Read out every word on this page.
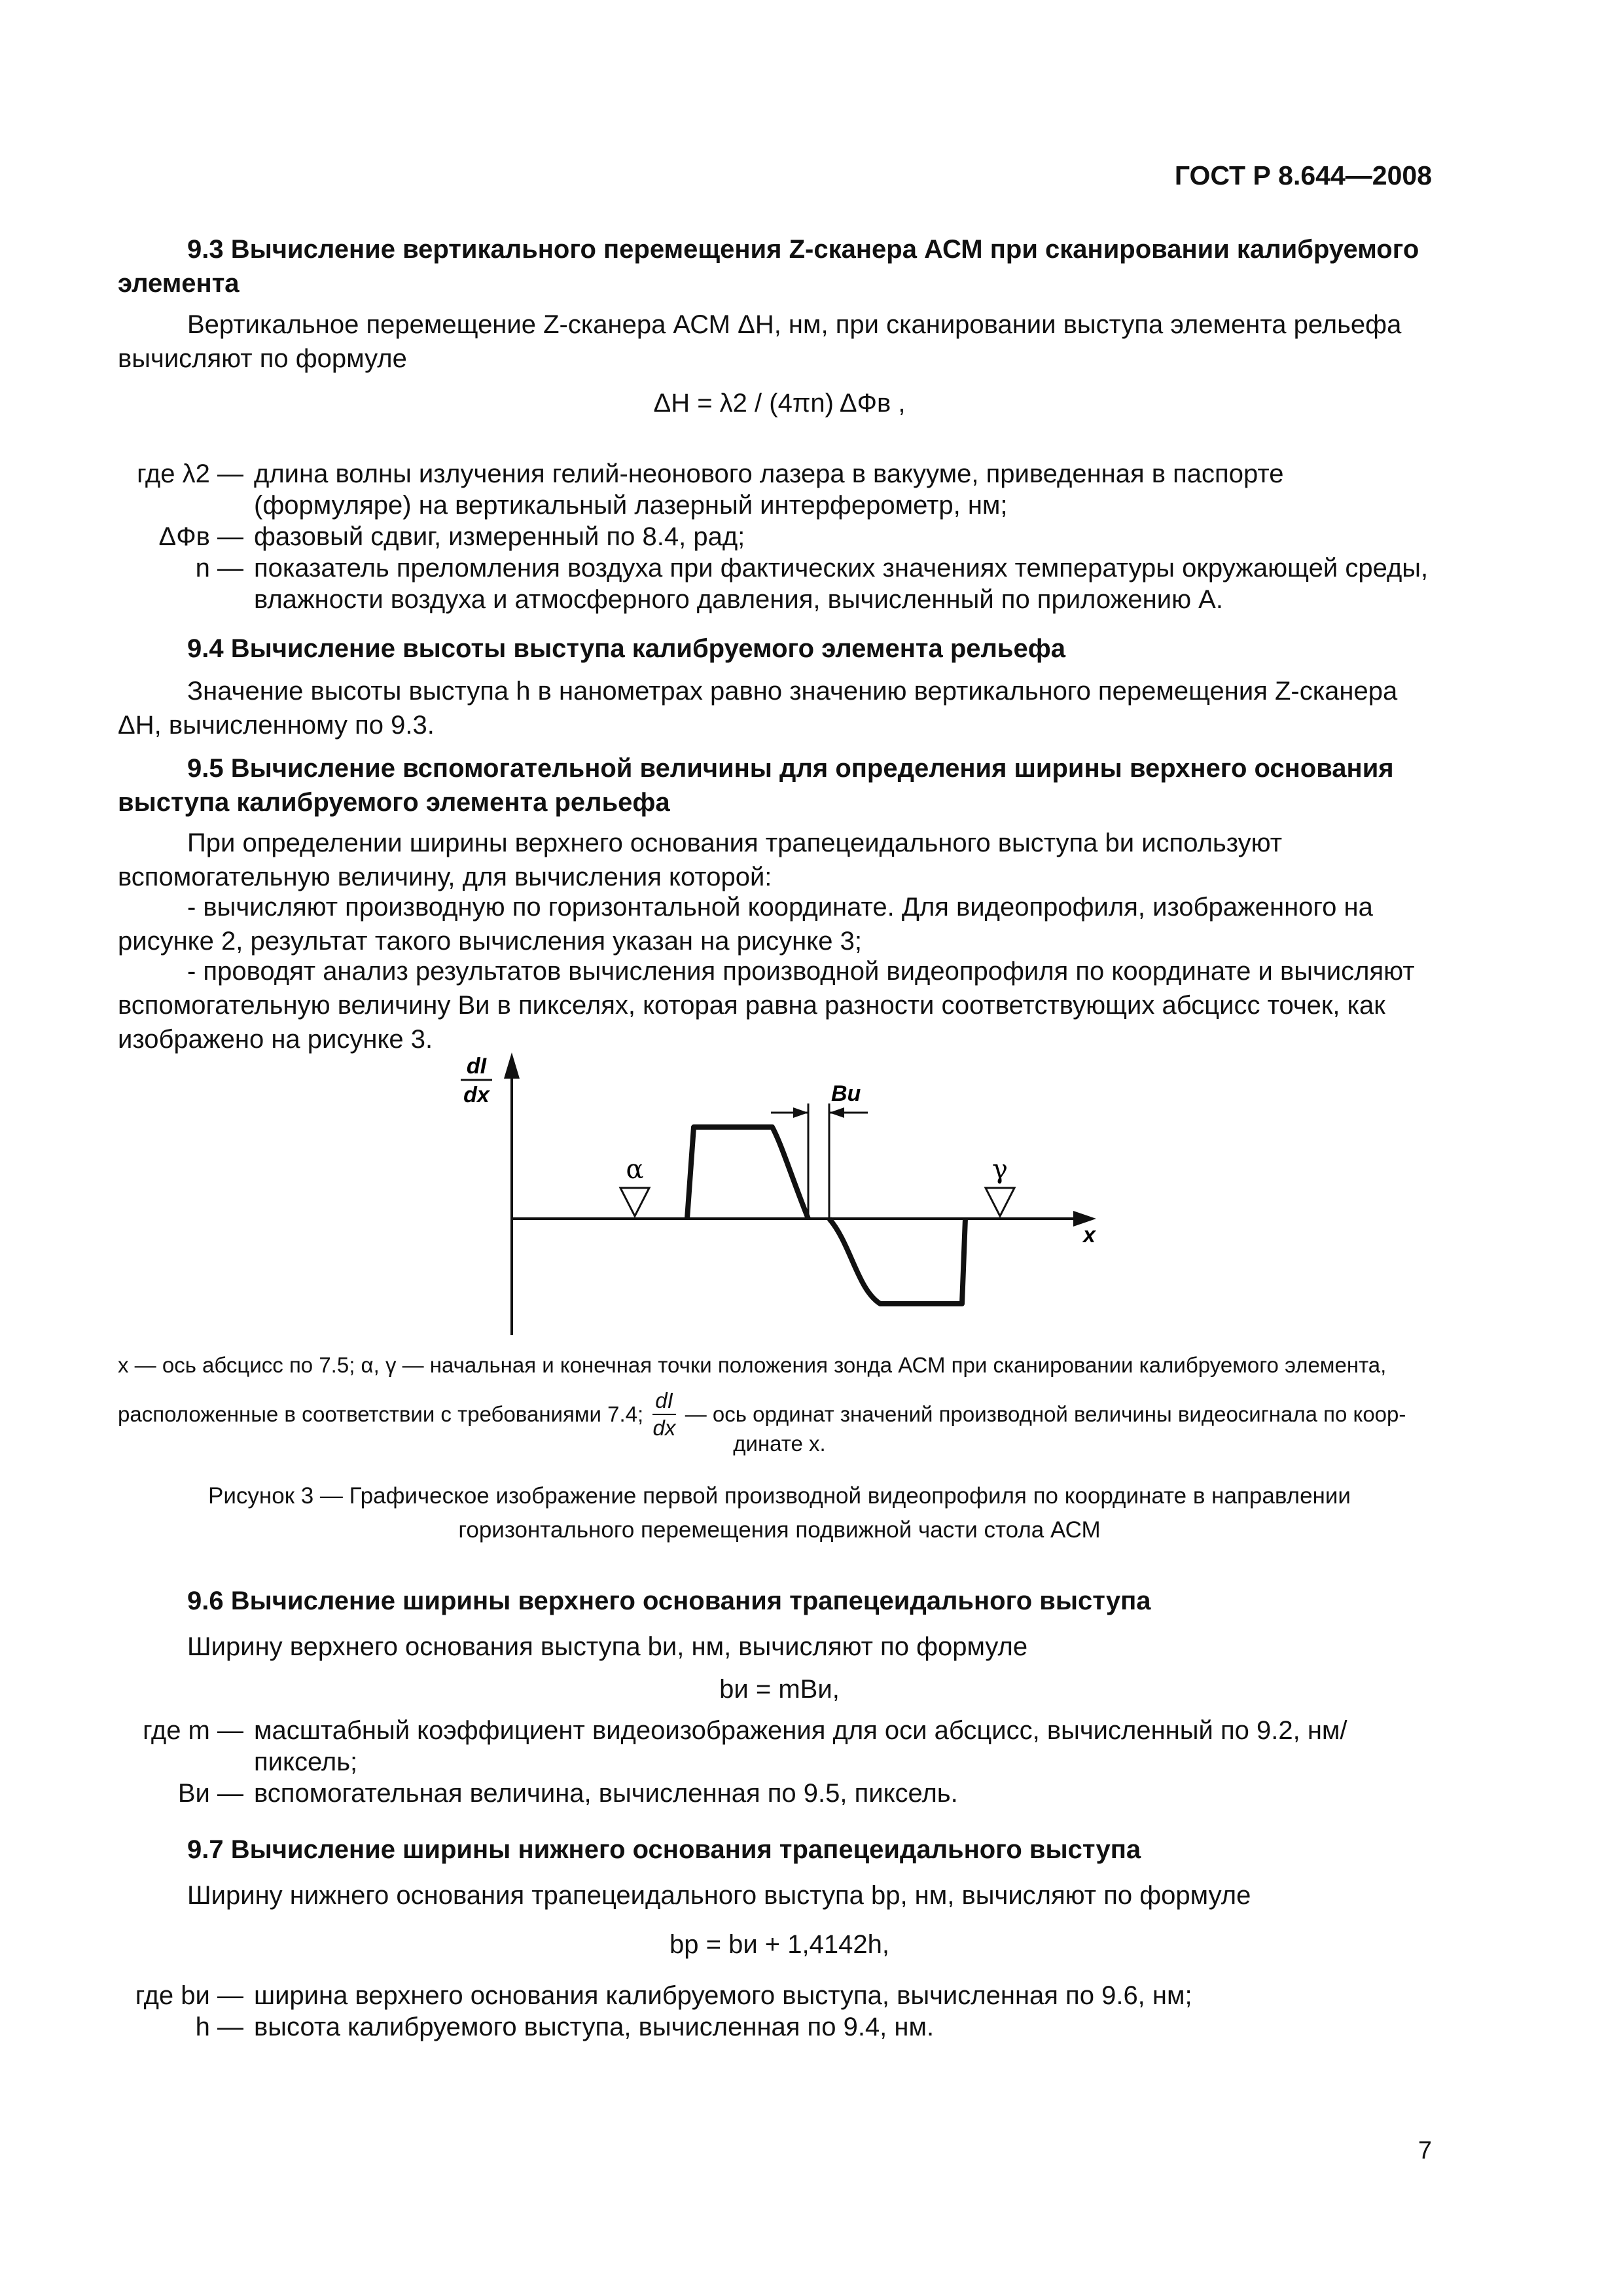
ГОСТ Р 8.644—2008
9.3 Вычисление вертикального перемещения Z-сканера АСМ при сканировании калибруемого элемента
Вертикальное перемещение Z-сканера АСМ ΔH, нм, при сканировании выступа элемента рельефа вычисляют по формуле
ΔH = λ2 / (4πn) ΔФв ,
где λ2 — длина волны излучения гелий-неонового лазера в вакууме, приведенная в паспорте (формуляре) на вертикальный лазерный интерферометр, нм;
ΔФв — фазовый сдвиг, измеренный по 8.4, рад;
n — показатель преломления воздуха при фактических значениях температуры окружающей среды, влажности воздуха и атмосферного давления, вычисленный по приложению А.
9.4 Вычисление высоты выступа калибруемого элемента рельефа
Значение высоты выступа h в нанометрах равно значению вертикального перемещения Z-сканера ΔH, вычисленному по 9.3.
9.5 Вычисление вспомогательной величины для определения ширины верхнего основания выступа калибруемого элемента рельефа
При определении ширины верхнего основания трапецеидального выступа bи используют вспомогательную величину, для вычисления которой:
- вычисляют производную по горизонтальной координате. Для видеопрофиля, изображенного на рисунке 2, результат такого вычисления указан на рисунке 3;
- проводят анализ результатов вычисления производной видеопрофиля по координате и вычисляют вспомогательную величину Bи в пикселях, которая равна разности соответствующих абсцисс точек, как изображено на рисунке 3.
dI
dx
x
α	γ
Bи
x — ось абсцисс по 7.5; α, γ — начальная и конечная точки положения зонда АСМ при сканировании калибруемого элемента,
расположенные в соответствии с требованиями 7.4; $\frac{dI}{dx}$ — ось ординат значений производной величины видеосигнала по коор-
динате x.
Рисунок 3 — Графическое изображение первой производной видеопрофиля по координате в направлении горизонтального перемещения подвижной части стола АСМ
9.6 Вычисление ширины верхнего основания трапецеидального выступа
Ширину верхнего основания выступа bи, нм, вычисляют по формуле
bи = mBи,
где m — масштабный коэффициент видеоизображения для оси абсцисс, вычисленный по 9.2, нм/пиксель;
Bи — вспомогательная величина, вычисленная по 9.5, пиксель.
9.7 Вычисление ширины нижнего основания трапецеидального выступа
Ширину нижнего основания трапецеидального выступа bр, нм, вычисляют по формуле
bр = bи + 1,4142h,
где bи — ширина верхнего основания калибруемого выступа, вычисленная по 9.6, нм;
h — высота калибруемого выступа, вычисленная по 9.4, нм.
7
